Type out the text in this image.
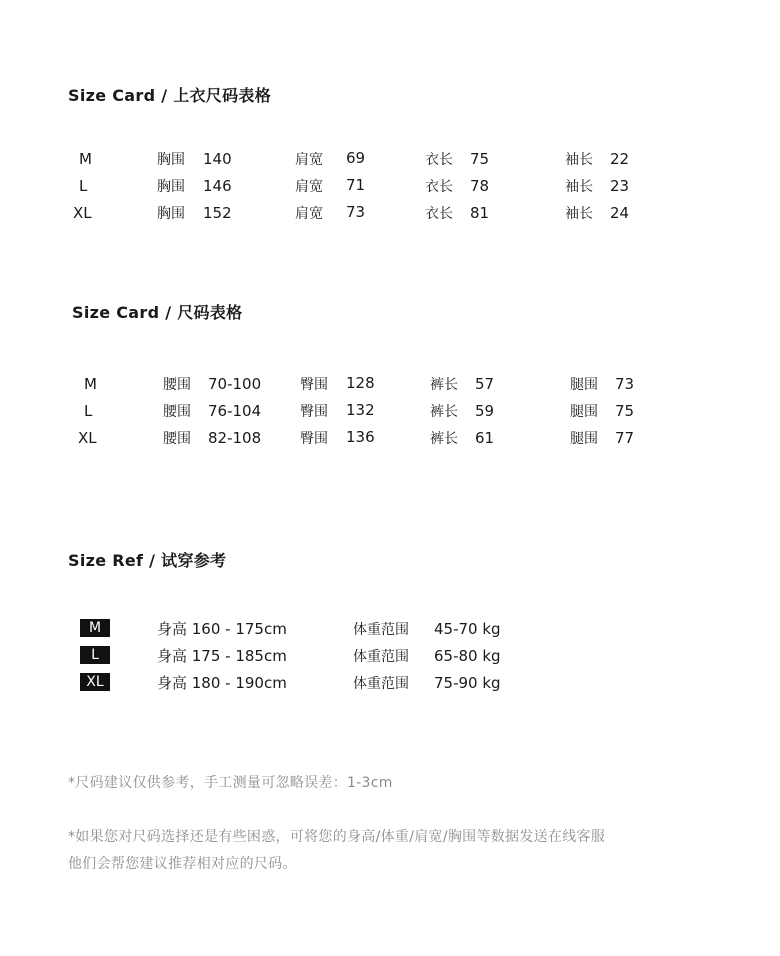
Size Card / 上衣尺码表格
M	胸围 140	肩宽 69	衣长 75	袖长 22
L	胸围 146	肩宽 71	衣长 78	袖长 23
XL	胸围 152	肩宽 73	衣长 81	袖长 24
Size Card / 尺码表格
M	腰围 70-100	臀围 128	裤长 57	腿围 73
L	腰围 76-104	臀围 132	裤长 59	腿围 75
XL	腰围 82-108	臀围 136	裤长 61	腿围 77
Size Ref / 试穿参考
M	身高 160 - 175cm	体重范围 45-70 kg
L	身高 175 - 185cm	体重范围 65-80 kg
XL	身高 180 - 190cm	体重范围 75-90 kg
*尺码建议仅供参考，手工测量可忽略误差：1-3cm
*如果您对尺码选择还是有些困惑，可将您的身高/体重/肩宽/胸围等数据发送在线客服
他们会帮您建议推荐相对应的尺码。
